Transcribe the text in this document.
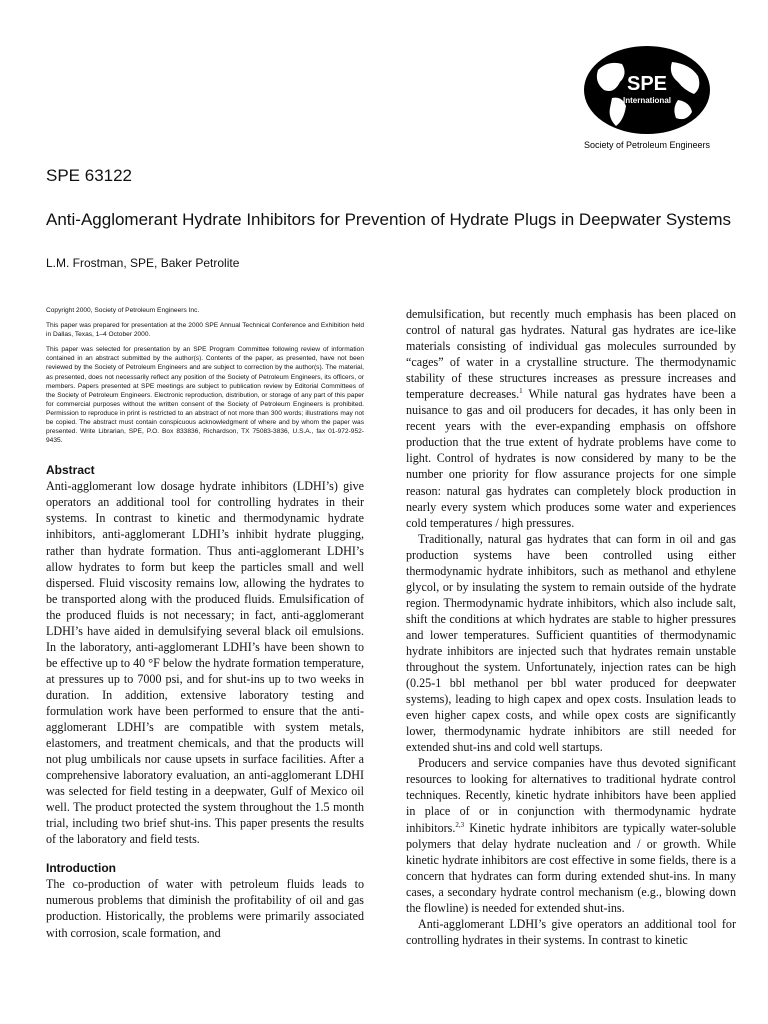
SPE
International
Society of Petroleum Engineers
SPE 63122
Anti-Agglomerant Hydrate Inhibitors for Prevention of Hydrate Plugs in Deepwater Systems
L.M. Frostman, SPE, Baker Petrolite

Copyright 2000, Society of Petroleum Engineers Inc.

This paper was prepared for presentation at the 2000 SPE Annual Technical Conference and Exhibition held in Dallas, Texas, 1–4 October 2000.

This paper was selected for presentation by an SPE Program Committee following review of information contained in an abstract submitted by the author(s). Contents of the paper, as presented, have not been reviewed by the Society of Petroleum Engineers and are subject to correction by the author(s). The material, as presented, does not necessarily reflect any position of the Society of Petroleum Engineers, its officers, or members. Papers presented at SPE meetings are subject to publication review by Editorial Committees of the Society of Petroleum Engineers. Electronic reproduction, distribution, or storage of any part of this paper for commercial purposes without the written consent of the Society of Petroleum Engineers is prohibited. Permission to reproduce in print is restricted to an abstract of not more than 300 words; illustrations may not be copied. The abstract must contain conspicuous acknowledgment of where and by whom the paper was presented. Write Librarian, SPE, P.O. Box 833836, Richardson, TX 75083-3836, U.S.A., fax 01-972-952-9435.

Abstract

Anti-agglomerant low dosage hydrate inhibitors (LDHI’s) give operators an additional tool for controlling hydrates in their systems. In contrast to kinetic and thermodynamic hydrate inhibitors, anti-agglomerant LDHI’s inhibit hydrate plugging, rather than hydrate formation. Thus anti-agglomerant LDHI’s allow hydrates to form but keep the particles small and well dispersed. Fluid viscosity remains low, allowing the hydrates to be transported along with the produced fluids. Emulsification of the produced fluids is not necessary; in fact, anti-agglomerant LDHI’s have aided in demulsifying several black oil emulsions. In the laboratory, anti-agglomerant LDHI’s have been shown to be effective up to 40 °F below the hydrate formation temperature, at pressures up to 7000 psi, and for shut-ins up to two weeks in duration. In addition, extensive laboratory testing and formulation work have been performed to ensure that the anti-agglomerant LDHI’s are compatible with system metals, elastomers, and treatment chemicals, and that the products will not plug umbilicals nor cause upsets in surface facilities. After a comprehensive laboratory evaluation, an anti-agglomerant LDHI was selected for field testing in a deepwater, Gulf of Mexico oil well. The product protected the system throughout the 1.5 month trial, including two brief shut-ins. This paper presents the results of the laboratory and field tests.

Introduction

The co-production of water with petroleum fluids leads to numerous problems that diminish the profitability of oil and gas production. Historically, the problems were primarily associated with corrosion, scale formation, and

demulsification, but recently much emphasis has been placed on control of natural gas hydrates. Natural gas hydrates are ice-like materials consisting of individual gas molecules surrounded by “cages” of water in a crystalline structure. The thermodynamic stability of these structures increases as pressure increases and temperature decreases.$^1$ While natural gas hydrates have been a nuisance to gas and oil producers for decades, it has only been in recent years with the ever-expanding emphasis on offshore production that the true extent of hydrate problems have come to light. Control of hydrates is now considered by many to be the number one priority for flow assurance projects for one simple reason: natural gas hydrates can completely block production in nearly every system which produces some water and experiences cold temperatures / high pressures.

Traditionally, natural gas hydrates that can form in oil and gas production systems have been controlled using either thermodynamic hydrate inhibitors, such as methanol and ethylene glycol, or by insulating the system to remain outside of the hydrate region. Thermodynamic hydrate inhibitors, which also include salt, shift the conditions at which hydrates are stable to higher pressures and lower temperatures. Sufficient quantities of thermodynamic hydrate inhibitors are injected such that hydrates remain unstable throughout the system. Unfortunately, injection rates can be high (0.25-1 bbl methanol per bbl water produced for deepwater systems), leading to high capex and opex costs. Insulation leads to even higher capex costs, and while opex costs are significantly lower, thermodynamic hydrate inhibitors are still needed for extended shut-ins and cold well startups.

Producers and service companies have thus devoted significant resources to looking for alternatives to traditional hydrate control techniques. Recently, kinetic hydrate inhibitors have been applied in place of or in conjunction with thermodynamic hydrate inhibitors.$^{2,3}$ Kinetic hydrate inhibitors are typically water-soluble polymers that delay hydrate nucleation and / or growth. While kinetic hydrate inhibitors are cost effective in some fields, there is a concern that hydrates can form during extended shut-ins. In many cases, a secondary hydrate control mechanism (e.g., blowing down the flowline) is needed for extended shut-ins.

Anti-agglomerant LDHI’s give operators an additional tool for controlling hydrates in their systems. In contrast to kinetic
